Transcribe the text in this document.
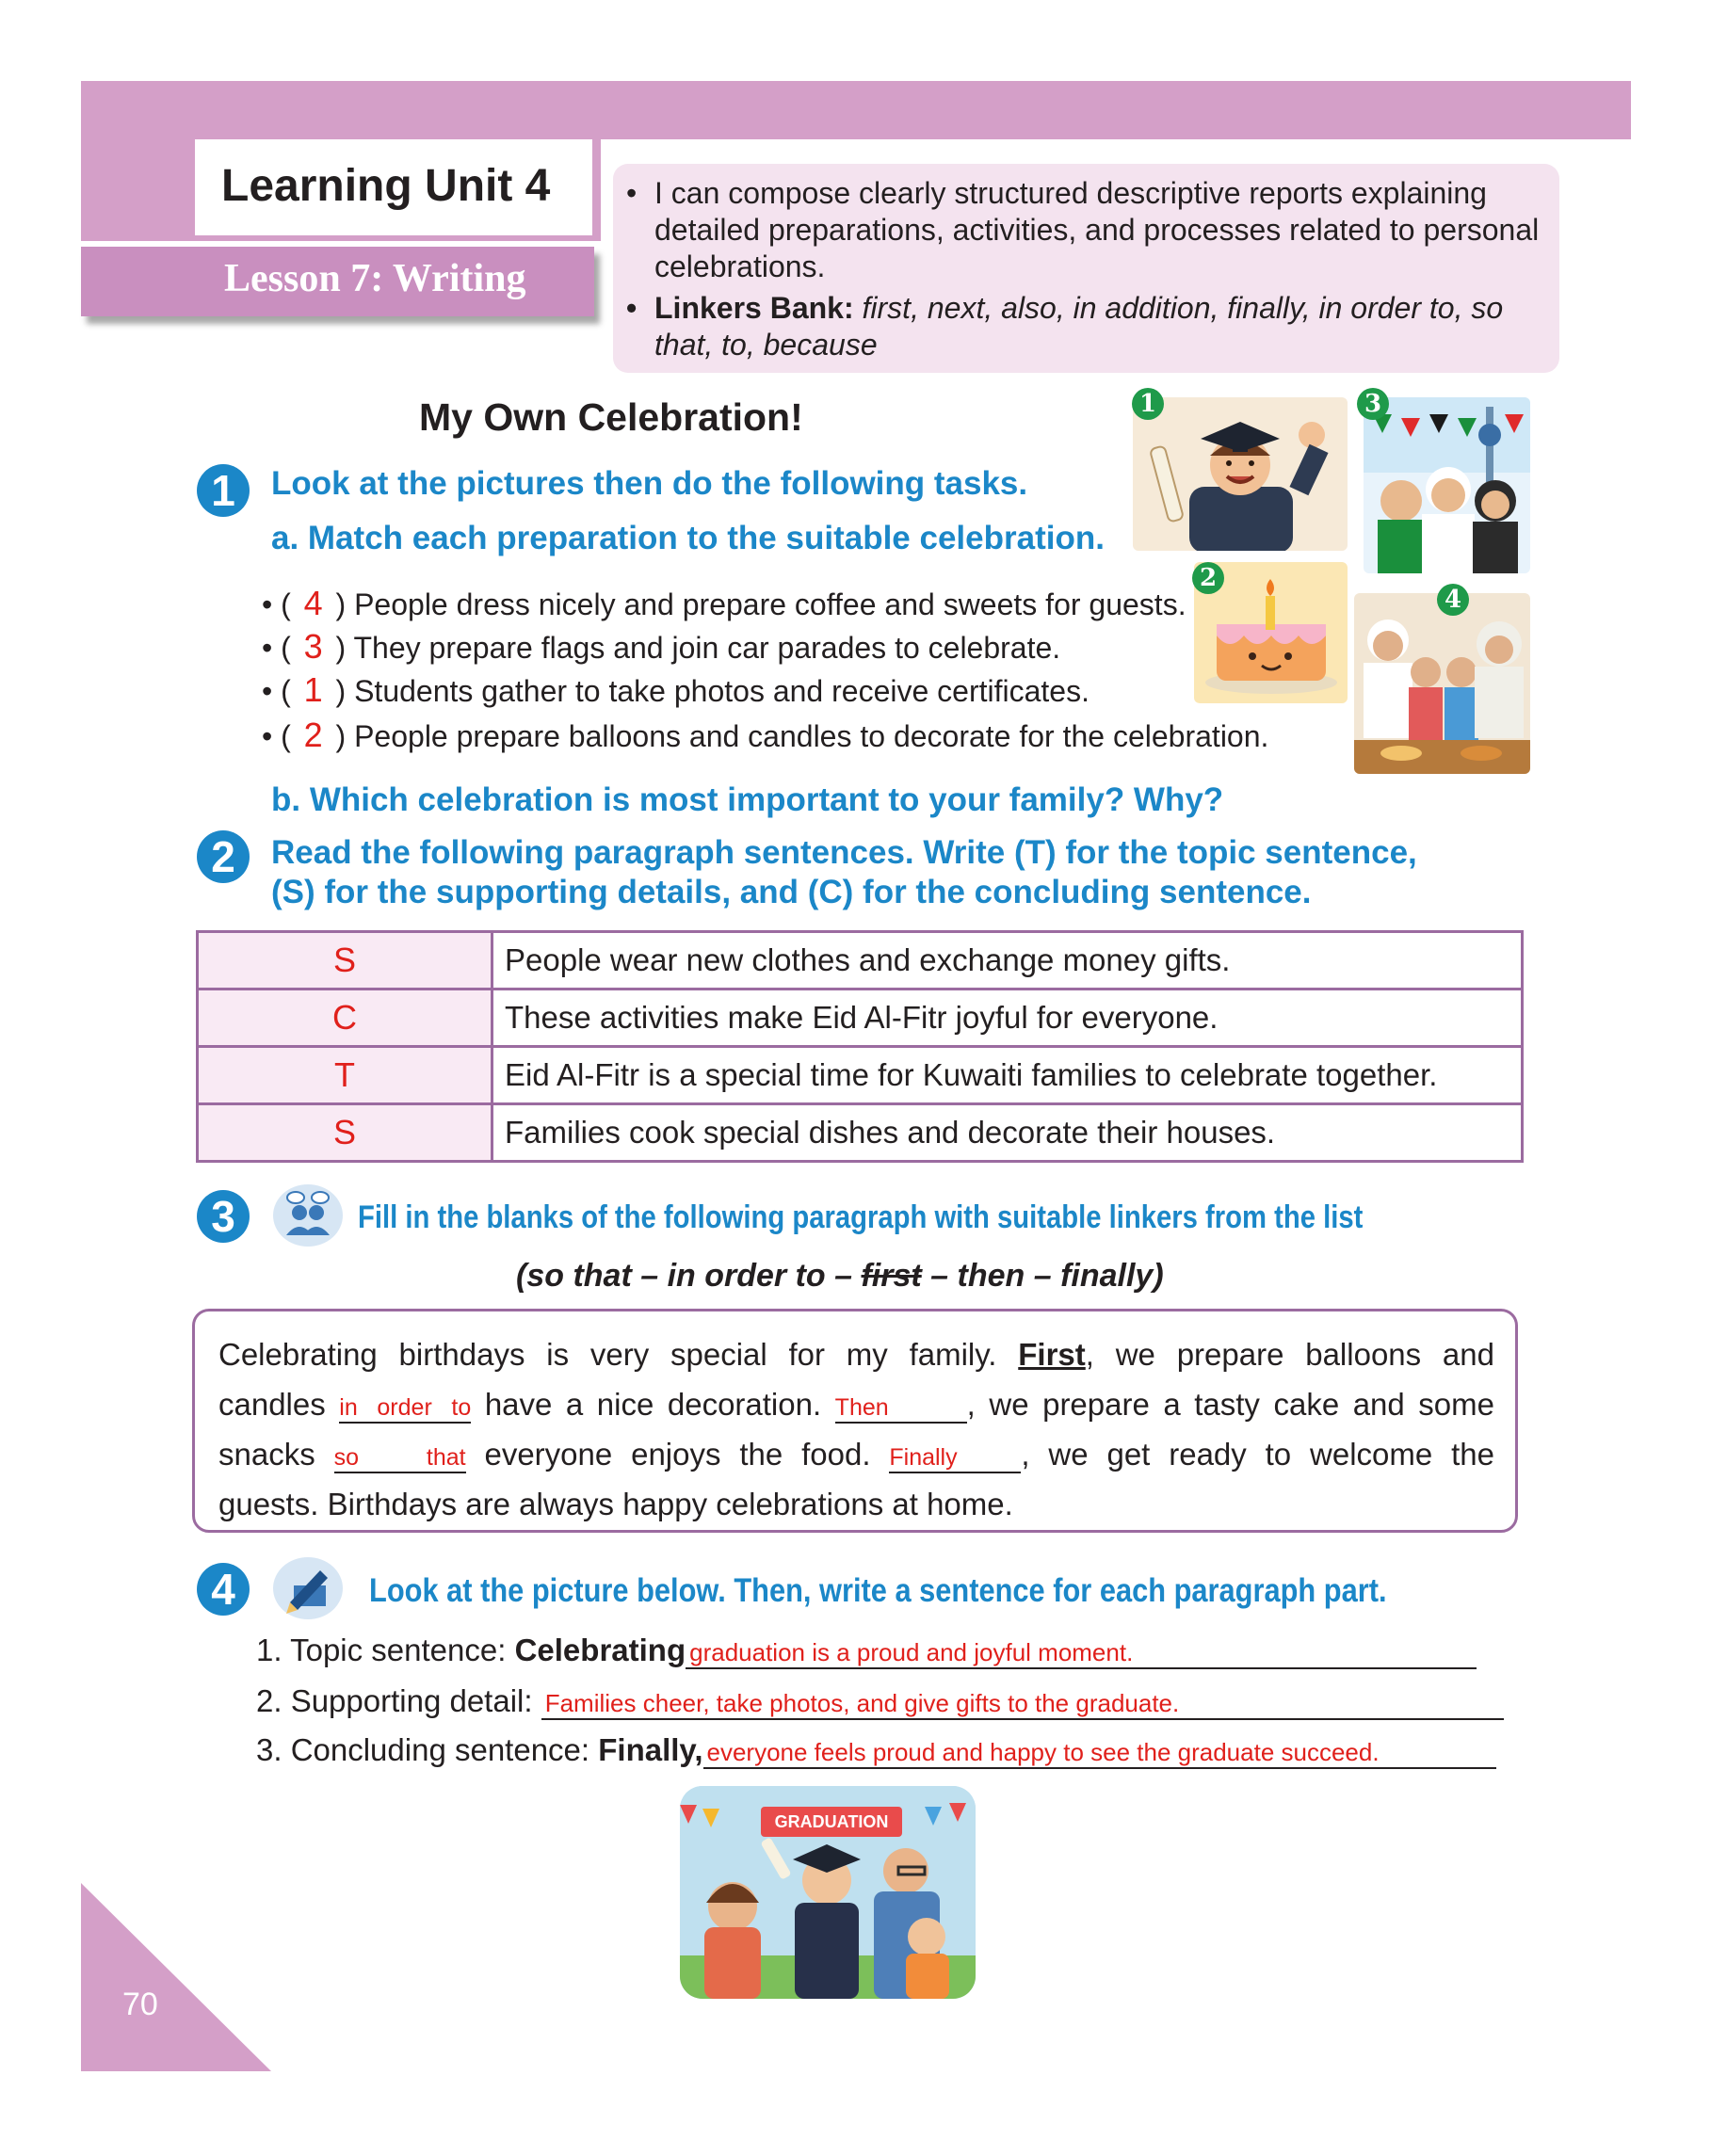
Learning Unit 4
Lesson 7: Writing
• I can compose clearly structured descriptive reports explaining detailed preparations, activities, and processes related to personal celebrations.
• Linkers Bank: first, next, also, in addition, finally, in order to, so that, to, because
My Own Celebration!
1	Look at the pictures then do the following tasks.
a. Match each preparation to the suitable celebration.
• ( 4 ) People dress nicely and prepare coffee and sweets for guests.
• ( 3 ) They prepare flags and join car parades to celebrate.
• ( 1 ) Students gather to take photos and receive certificates.
• ( 2 ) People prepare balloons and candles to decorate for the celebration.
1	3
2
4
b. Which celebration is most important to your family? Why?
2	Read the following paragraph sentences. Write (T) for the topic sentence,
(S) for the supporting details, and (C) for the concluding sentence.
S	People wear new clothes and exchange money gifts.
C	These activities make Eid Al-Fitr joyful for everyone.
T	Eid Al-Fitr is a special time for Kuwaiti families to celebrate together.
S	Families cook special dishes and decorate their houses.
3	Fill in the blanks of the following paragraph with suitable linkers from the list
(so that – in order to – first – then – finally)
Celebrating birthdays is very special for my family. First, we prepare balloons and
candles in order to have a nice decoration. Then	, we prepare a tasty cake and some
snacks so that everyone enjoys the food. Finally , we get ready to welcome the
guests. Birthdays are always happy celebrations at home.
4	Look at the picture below. Then, write a sentence for each paragraph part.
1. Topic sentence: Celebrating graduation is a proud and joyful moment.
2. Supporting detail: Families cheer, take photos, and give gifts to the graduate.
3. Concluding sentence: Finally, everyone feels proud and happy to see the graduate succeed.
GRADUATION
70
